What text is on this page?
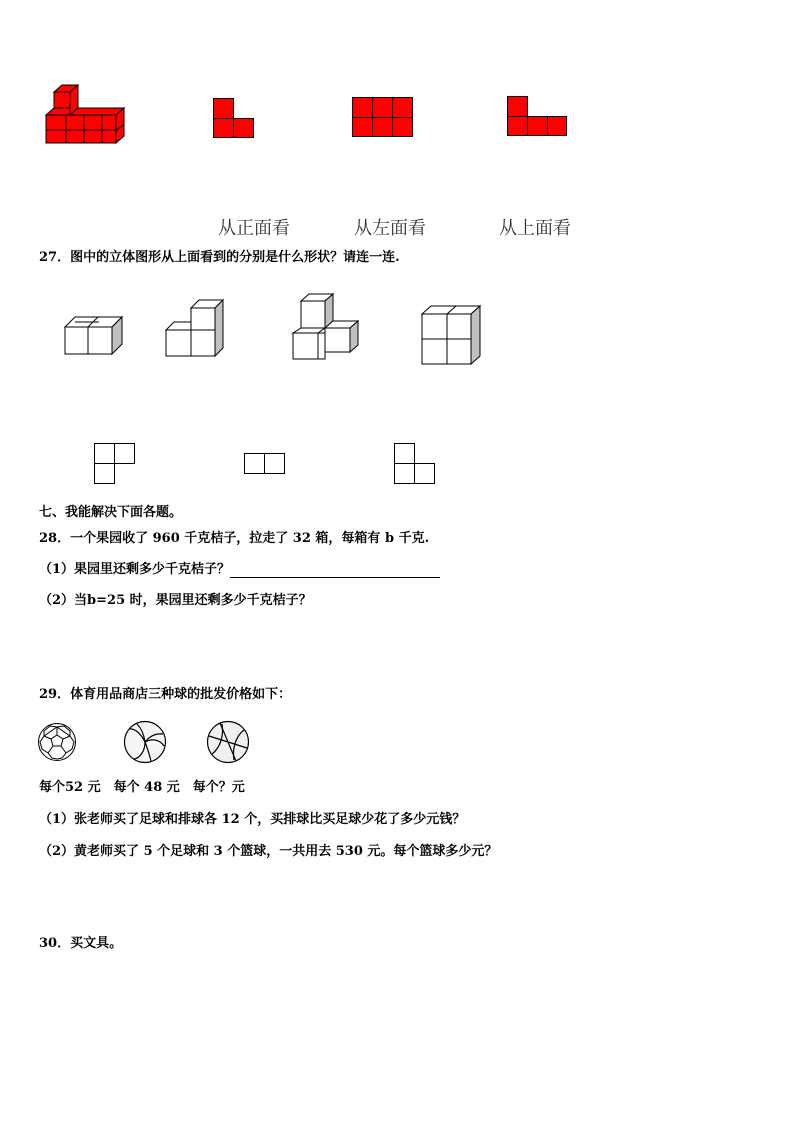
从正面看	从左面看	从上面看
27．图中的立体图形从上面看到的分别是什么形状？请连一连.
七、我能解决下面各题。
28．一个果园收了 960 千克桔子，拉走了 32 箱，每箱有 b 千克.
（1）果园里还剩多少千克桔子？
（2）当b=25 时，果园里还剩多少千克桔子？
29．体育用品商店三种球的批发价格如下：
每个52 元　每个 48 元　每个？元
（1）张老师买了足球和排球各 12 个，买排球比买足球少花了多少元钱？
（2）黄老师买了 5 个足球和 3 个篮球，一共用去 530 元。每个篮球多少元？
30．买文具。
